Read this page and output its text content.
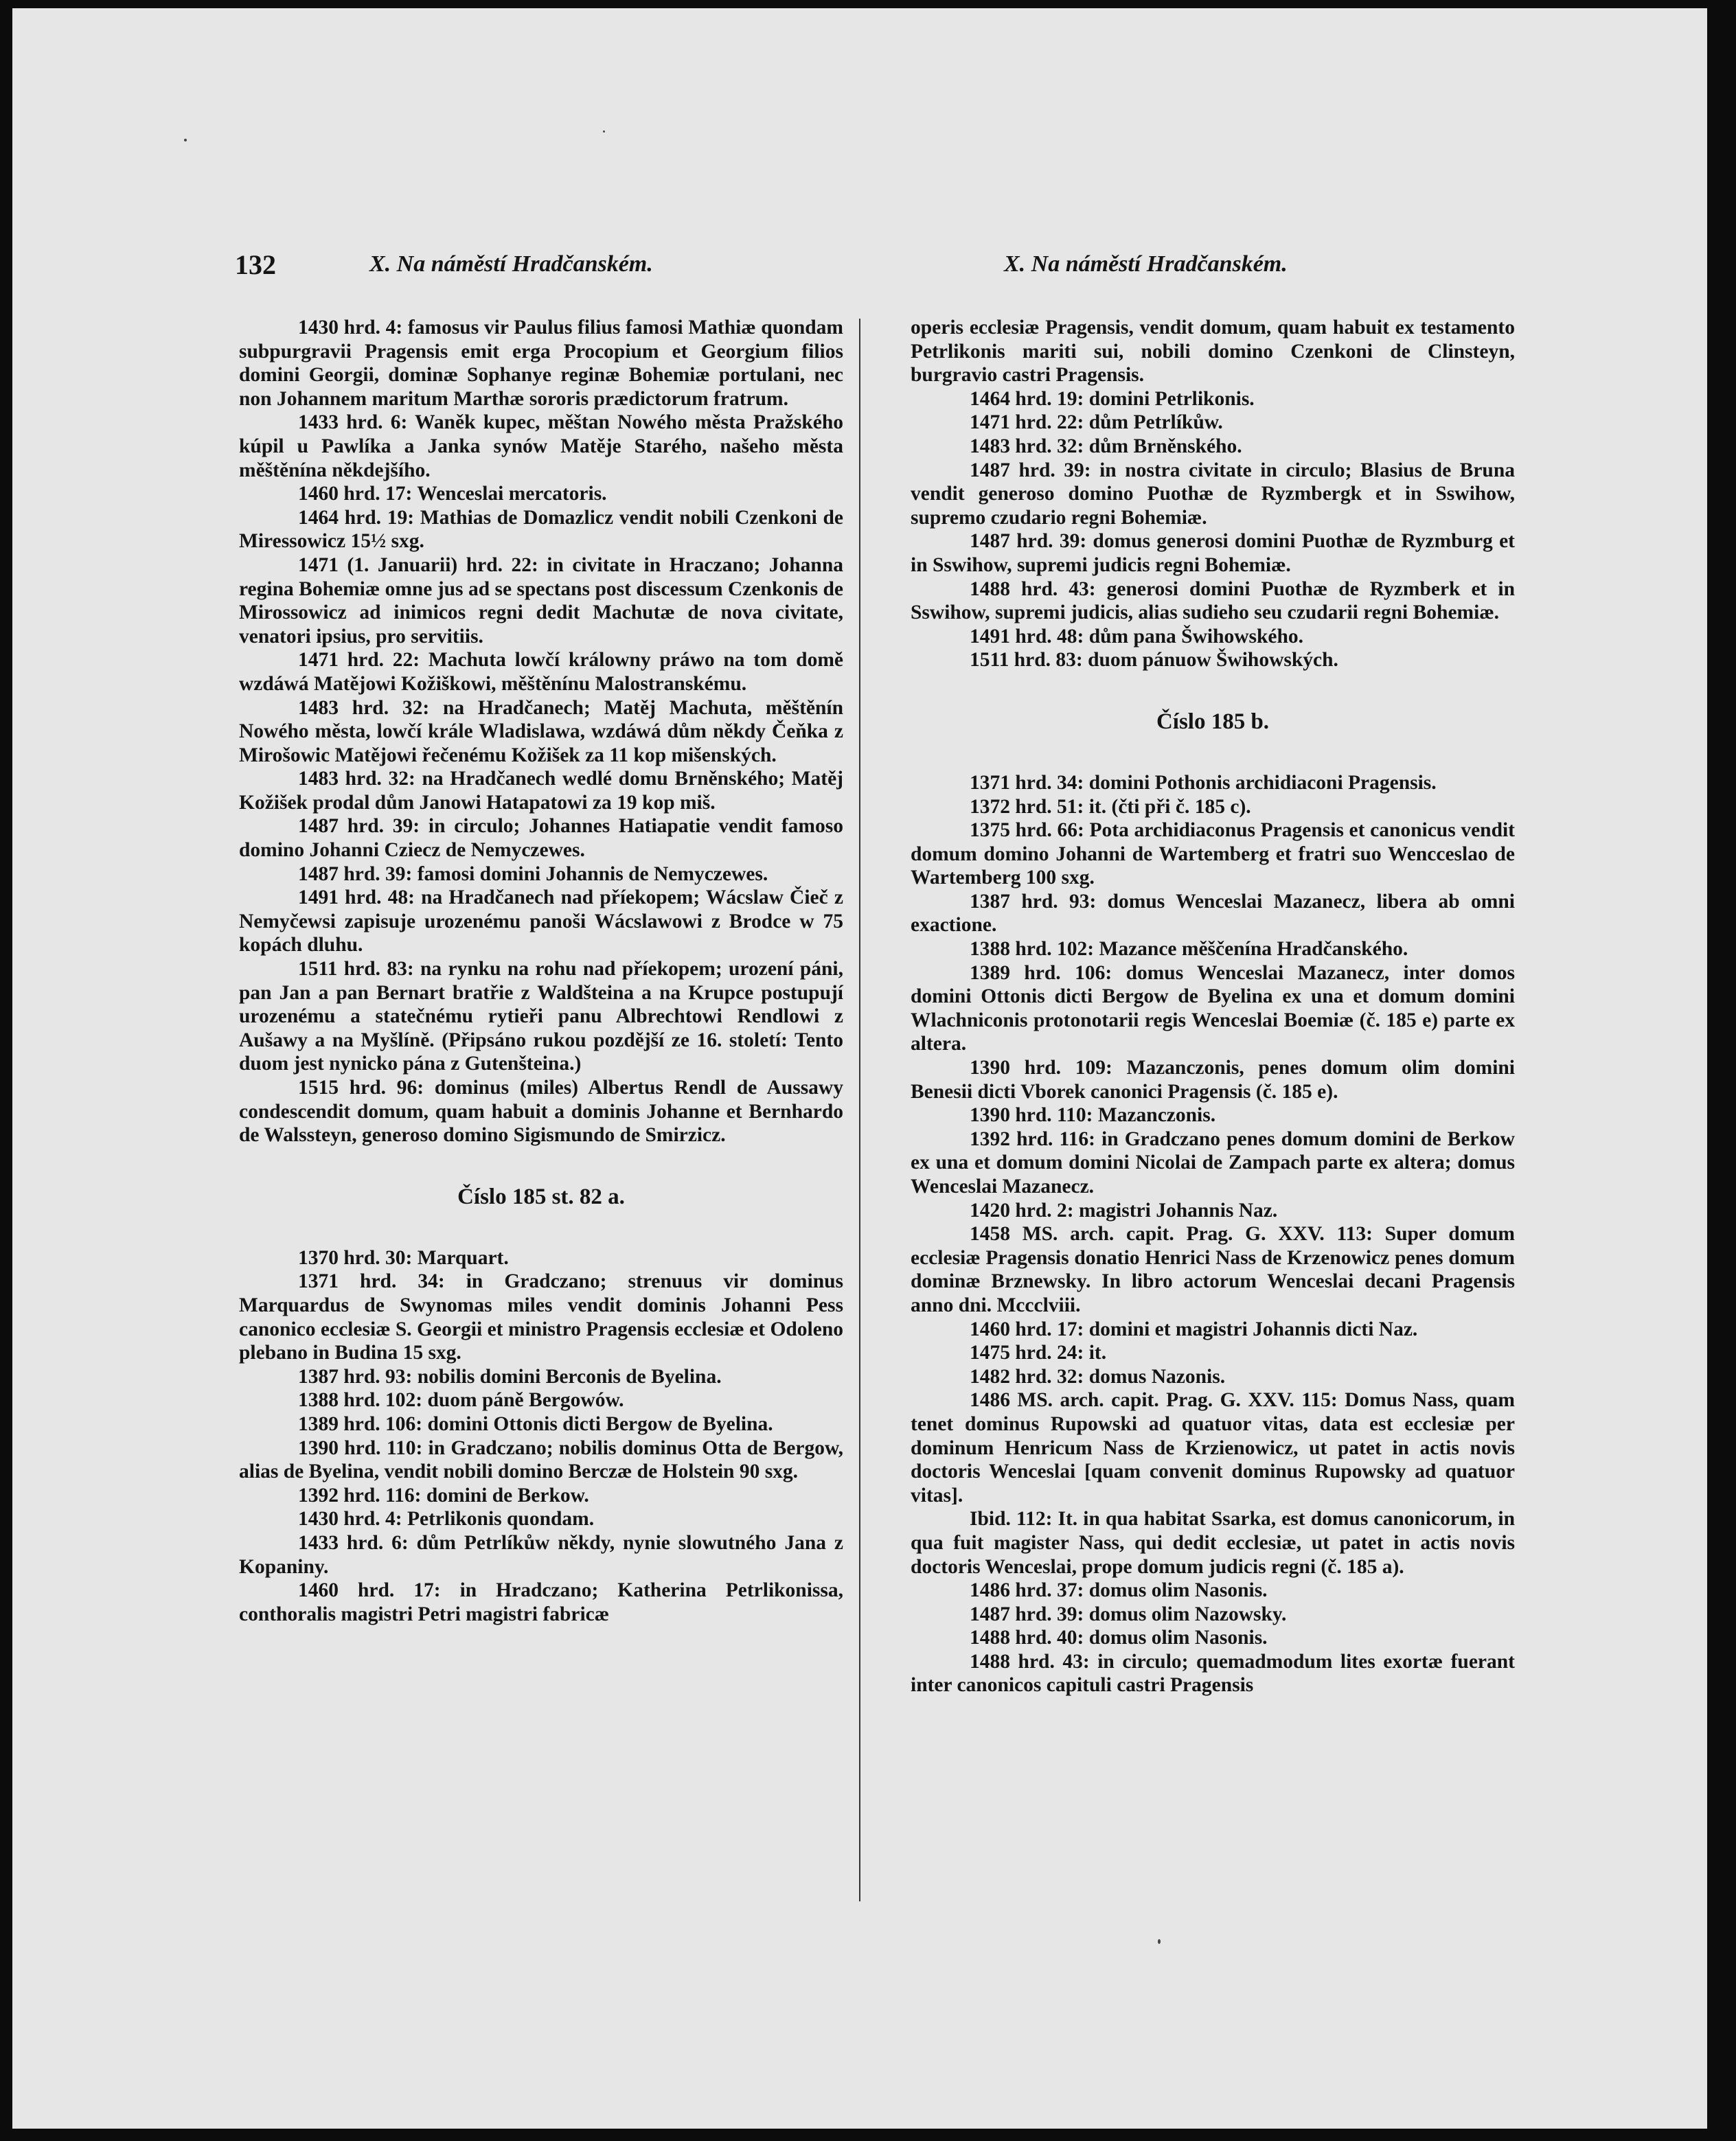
132	X. Na náměstí Hradčanském.	X. Na náměstí Hradčanském.

1430 hrd. 4: famosus vir Paulus filius famosi Mathiæ quondam subpurgravii Pragensis emit erga Procopium et Georgium filios domini Georgii, dominæ Sophanye reginæ Bohemiæ portulani, nec non Johannem maritum Marthæ sororis prædictorum fratrum.

1433 hrd. 6: Waněk kupec, měštan Nowého města Pražského kúpil u Pawlíka a Janka synów Matěje Starého, našeho města měštěnína někdejšího.

1460 hrd. 17: Wenceslai mercatoris.

1464 hrd. 19: Mathias de Domazlicz vendit nobili Czenkoni de Miressowicz 15½ sxg.

1471 (1. Januarii) hrd. 22: in civitate in Hraczano; Johanna regina Bohemiæ omne jus ad se spectans post discessum Czenkonis de Mirossowicz ad inimicos regni dedit Machutæ de nova civitate, venatori ipsius, pro servitiis.

1471 hrd. 22: Machuta lowčí králowny práwo na tom domě wzdáwá Matějowi Kožiškowi, měštěnínu Malostranskému.

1483 hrd. 32: na Hradčanech; Matěj Machuta, měštěnín Nowého města, lowčí krále Wladislawa, wzdáwá dům někdy Čeňka z Mirošowic Matějowi řečenému Kožišek za 11 kop mišenských.

1483 hrd. 32: na Hradčanech wedlé domu Brněnského; Matěj Kožišek prodal dům Janowi Hatapatowi za 19 kop miš.

1487 hrd. 39: in circulo; Johannes Hatiapatie vendit famoso domino Johanni Cziecz de Nemyczewes.

1487 hrd. 39: famosi domini Johannis de Nemyczewes.

1491 hrd. 48: na Hradčanech nad příekopem; Wácslaw Čieč z Nemyčewsi zapisuje urozenému panoši Wácslawowi z Brodce w 75 kopách dluhu.

1511 hrd. 83: na rynku na rohu nad příekopem; urození páni, pan Jan a pan Bernart bratřie z Waldšteina a na Krupce postupují urozenému a statečnému rytieři panu Albrechtowi Rendlowi z Aušawy a na Myšlíně. (Připsáno rukou pozdější ze 16. století: Tento duom jest nynicko pána z Gutenšteina.)

1515 hrd. 96: dominus (miles) Albertus Rendl de Aussawy condescendit domum, quam habuit a dominis Johanne et Bernhardo de Walssteyn, generoso domino Sigismundo de Smirzicz.

Číslo 185 st. 82 a.

1370 hrd. 30: Marquart.

1371 hrd. 34: in Gradczano; strenuus vir dominus Marquardus de Swynomas miles vendit dominis Johanni Pess canonico ecclesiæ S. Georgii et ministro Pragensis ecclesiæ et Odoleno plebano in Budina 15 sxg.

1387 hrd. 93: nobilis domini Berconis de Byelina.

1388 hrd. 102: duom páně Bergowów.

1389 hrd. 106: domini Ottonis dicti Bergow de Byelina.

1390 hrd. 110: in Gradczano; nobilis dominus Otta de Bergow, alias de Byelina, vendit nobili domino Berczæ de Holstein 90 sxg.

1392 hrd. 116: domini de Berkow.

1430 hrd. 4: Petrlikonis quondam.

1433 hrd. 6: dům Petrlíkůw někdy, nynie slowutného Jana z Kopaniny.

1460 hrd. 17: in Hradczano; Katherina Petrlikonissa, conthoralis magistri Petri magistri fabricæ

operis ecclesiæ Pragensis, vendit domum, quam habuit ex testamento Petrlikonis mariti sui, nobili domino Czenkoni de Clinsteyn, burgravio castri Pragensis.

1464 hrd. 19: domini Petrlikonis.

1471 hrd. 22: dům Petrlíkůw.

1483 hrd. 32: dům Brněnského.

1487 hrd. 39: in nostra civitate in circulo; Blasius de Bruna vendit generoso domino Puothæ de Ryzmbergk et in Sswihow, supremo czudario regni Bohemiæ.

1487 hrd. 39: domus generosi domini Puothæ de Ryzmburg et in Sswihow, supremi judicis regni Bohemiæ.

1488 hrd. 43: generosi domini Puothæ de Ryzmberk et in Sswihow, supremi judicis, alias sudieho seu czudarii regni Bohemiæ.

1491 hrd. 48: dům pana Šwihowského.

1511 hrd. 83: duom pánuow Šwihowských.

Číslo 185 b.

1371 hrd. 34: domini Pothonis archidiaconi Pragensis.

1372 hrd. 51: it. (čti při č. 185 c).

1375 hrd. 66: Pota archidiaconus Pragensis et canonicus vendit domum domino Johanni de Wartemberg et fratri suo Wencceslao de Wartemberg 100 sxg.

1387 hrd. 93: domus Wenceslai Mazanecz, libera ab omni exactione.

1388 hrd. 102: Mazance měščenína Hradčanského.

1389 hrd. 106: domus Wenceslai Mazanecz, inter domos domini Ottonis dicti Bergow de Byelina ex una et domum domini Wlachniconis protonotarii regis Wenceslai Boemiæ (č. 185 e) parte ex altera.

1390 hrd. 109: Mazanczonis, penes domum olim domini Benesii dicti Vborek canonici Pragensis (č. 185 e).

1390 hrd. 110: Mazanczonis.

1392 hrd. 116: in Gradczano penes domum domini de Berkow ex una et domum domini Nicolai de Zampach parte ex altera; domus Wenceslai Mazanecz.

1420 hrd. 2: magistri Johannis Naz.

1458 MS. arch. capit. Prag. G. XXV. 113: Super domum ecclesiæ Pragensis donatio Henrici Nass de Krzenowicz penes domum dominæ Brznewsky. In libro actorum Wenceslai decani Pragensis anno dni. Mccclviii.

1460 hrd. 17: domini et magistri Johannis dicti Naz.

1475 hrd. 24: it.

1482 hrd. 32: domus Nazonis.

1486 MS. arch. capit. Prag. G. XXV. 115: Domus Nass, quam tenet dominus Rupowski ad quatuor vitas, data est ecclesiæ per dominum Henricum Nass de Krzienowicz, ut patet in actis novis doctoris Wenceslai [quam convenit dominus Rupowsky ad quatuor vitas].

Ibid. 112: It. in qua habitat Ssarka, est domus canonicorum, in qua fuit magister Nass, qui dedit ecclesiæ, ut patet in actis novis doctoris Wenceslai, prope domum judicis regni (č. 185 a).

1486 hrd. 37: domus olim Nasonis.

1487 hrd. 39: domus olim Nazowsky.

1488 hrd. 40: domus olim Nasonis.

1488 hrd. 43: in circulo; quemadmodum lites exortæ fuerant inter canonicos capituli castri Pragensis
